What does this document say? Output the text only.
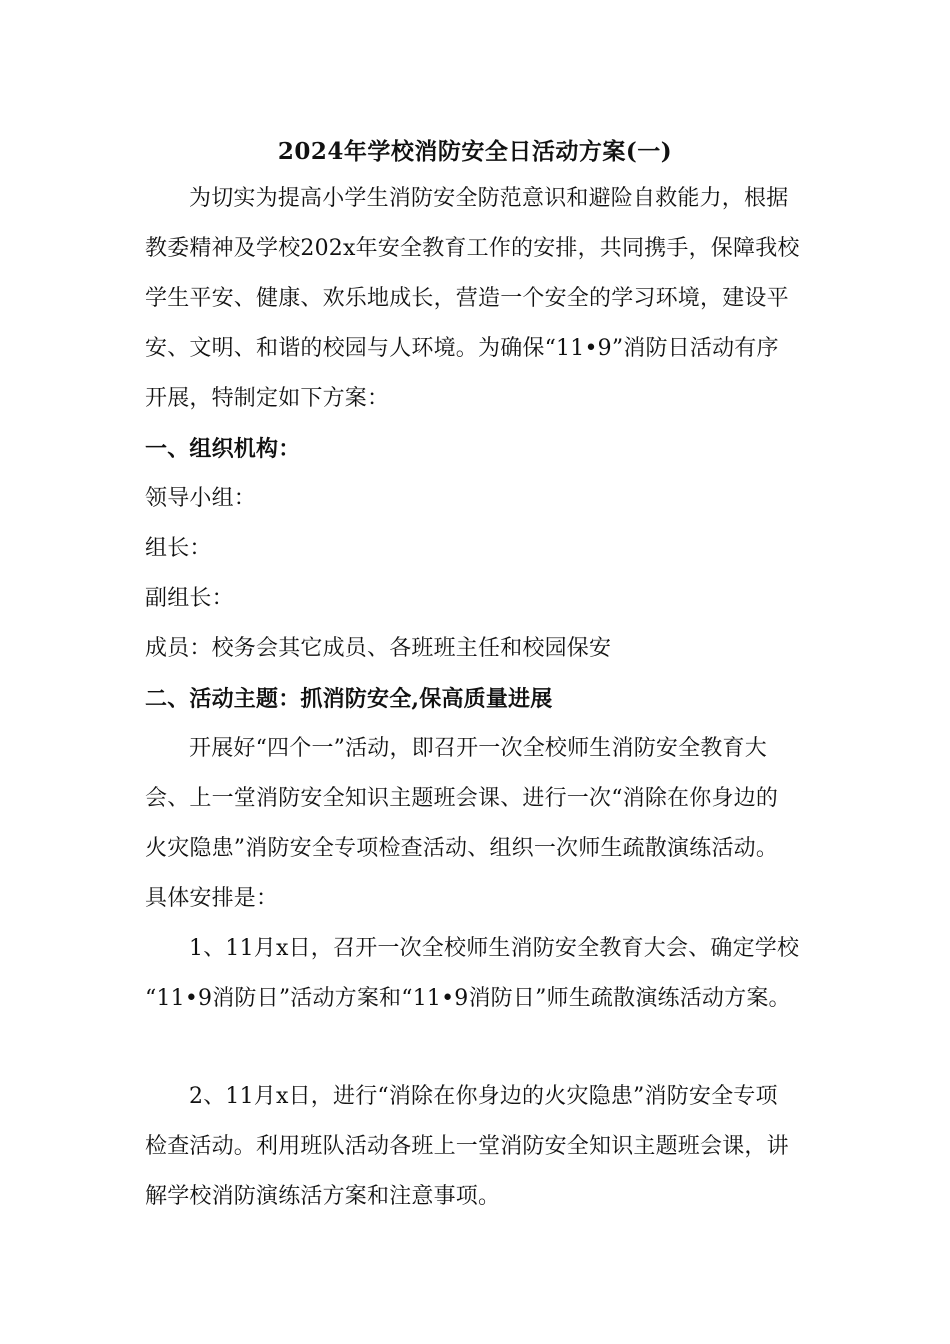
2024年学校消防安全日活动方案(一)
为切实为提高小学生消防安全防范意识和避险自救能力，根据
教委精神及学校202x年安全教育工作的安排，共同携手，保障我校
学生平安、健康、欢乐地成长，营造一个安全的学习环境，建设平
安、文明、和谐的校园与人环境。为确保“11•9”消防日活动有序
开展，特制定如下方案：
一、组织机构：
领导小组：
组长：
副组长：
成员：校务会其它成员、各班班主任和校园保安
二、活动主题：抓消防安全,保高质量进展
开展好“四个一”活动，即召开一次全校师生消防安全教育大
会、上一堂消防安全知识主题班会课、进行一次“消除在你身边的
火灾隐患”消防安全专项检查活动、组织一次师生疏散演练活动。
具体安排是：
1、11月x日，召开一次全校师生消防安全教育大会、确定学校
“11•9消防日”活动方案和“11•9消防日”师生疏散演练活动方案。
2、11月x日，进行“消除在你身边的火灾隐患”消防安全专项
检查活动。利用班队活动各班上一堂消防安全知识主题班会课，讲
解学校消防演练活方案和注意事项。
